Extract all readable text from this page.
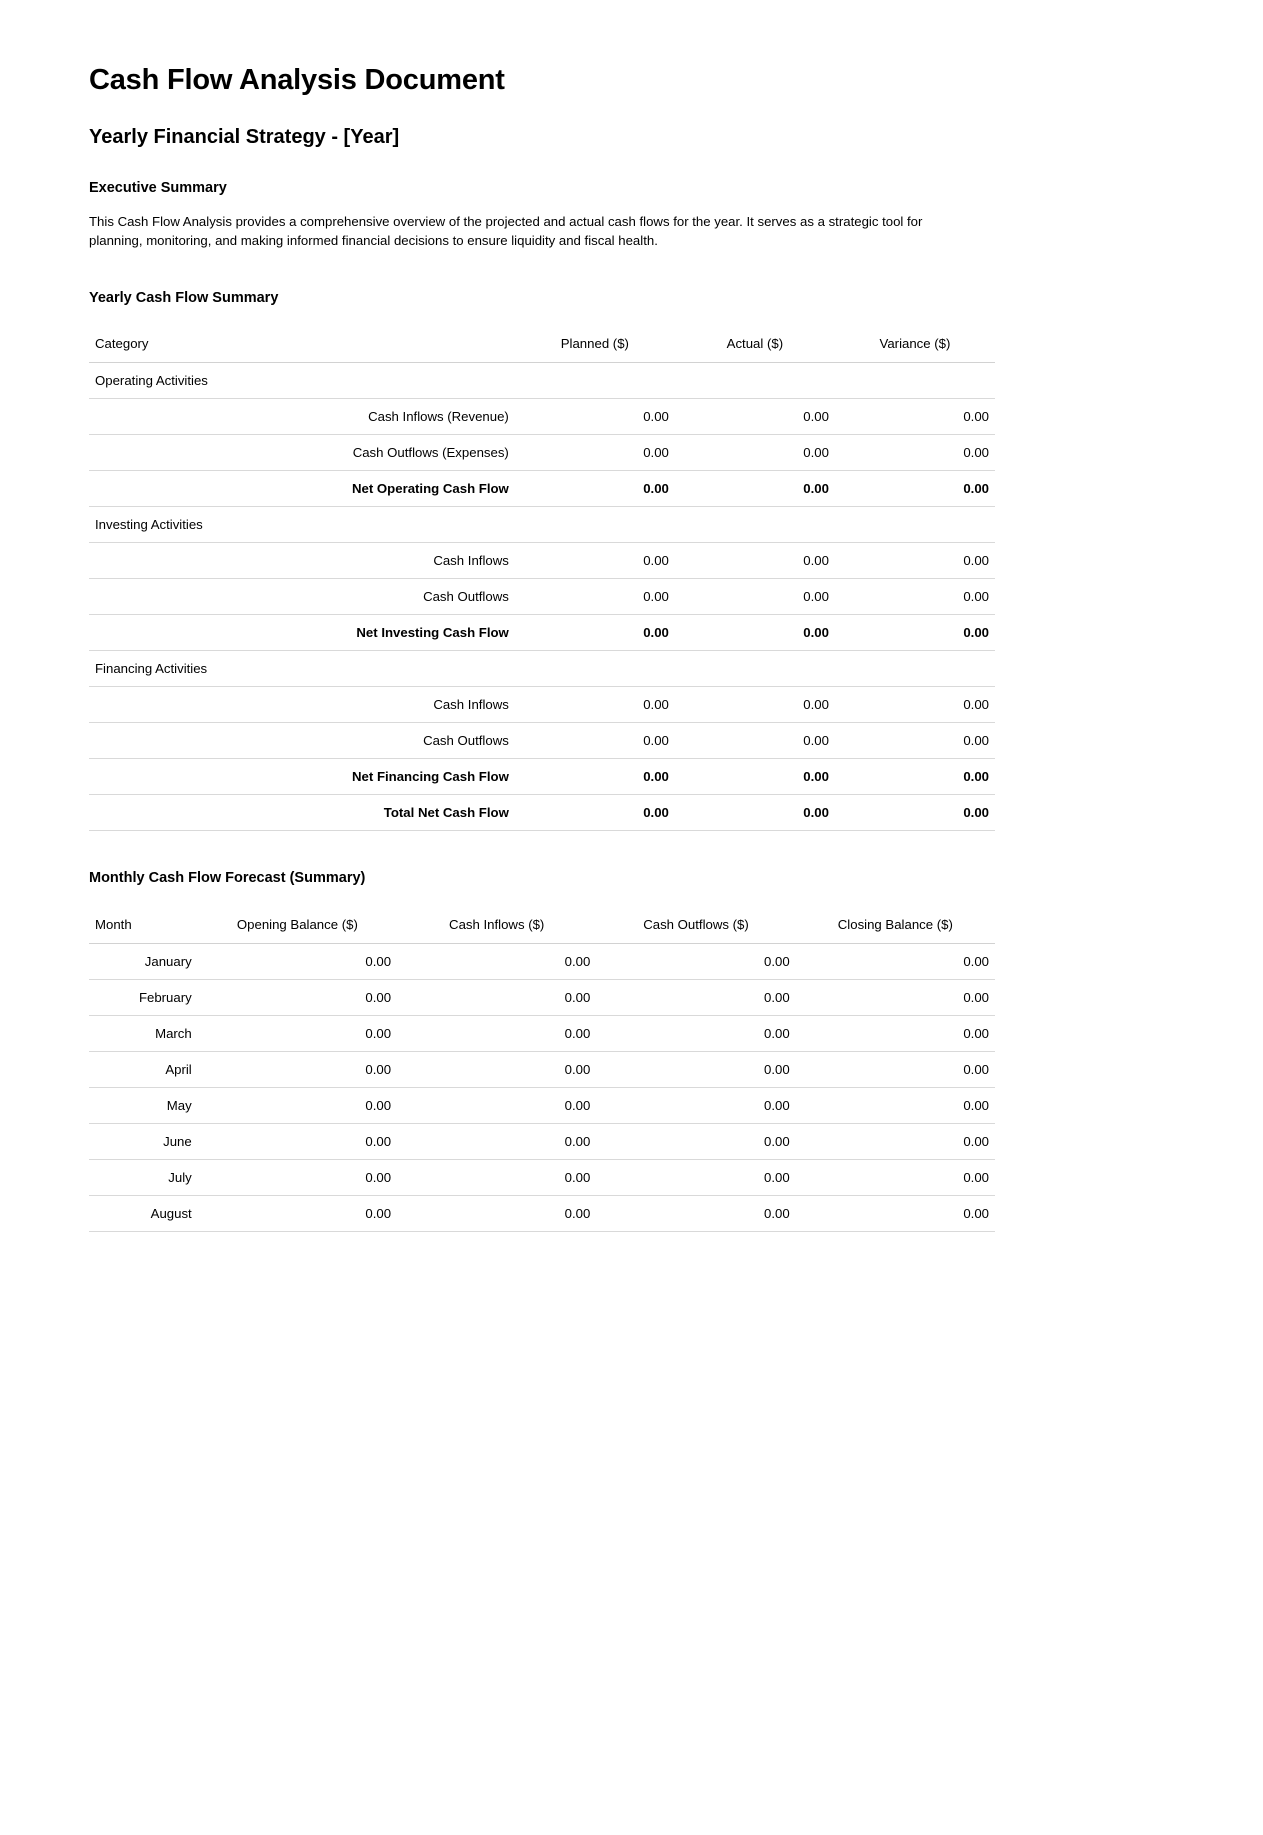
Cash Flow Analysis Document
Yearly Financial Strategy - [Year]
Executive Summary

This Cash Flow Analysis provides a comprehensive overview of the projected and actual cash flows for the year. It serves as a strategic tool for planning, monitoring, and making informed financial decisions to ensure liquidity and fiscal health.

Yearly Cash Flow Summary
Category	Planned ($)	Actual ($)	Variance ($)
Operating Activities			
Cash Inflows (Revenue)	0.00	0.00	0.00
Cash Outflows (Expenses)	0.00	0.00	0.00
Net Operating Cash Flow	0.00	0.00	0.00
Investing Activities			
Cash Inflows	0.00	0.00	0.00
Cash Outflows	0.00	0.00	0.00
Net Investing Cash Flow	0.00	0.00	0.00
Financing Activities			
Cash Inflows	0.00	0.00	0.00
Cash Outflows	0.00	0.00	0.00
Net Financing Cash Flow	0.00	0.00	0.00
Total Net Cash Flow	0.00	0.00	0.00
Monthly Cash Flow Forecast (Summary)
Month	Opening Balance ($)	Cash Inflows ($)	Cash Outflows ($)	Closing Balance ($)
January	0.00	0.00	0.00	0.00
February	0.00	0.00	0.00	0.00
March	0.00	0.00	0.00	0.00
April	0.00	0.00	0.00	0.00
May	0.00	0.00	0.00	0.00
June	0.00	0.00	0.00	0.00
July	0.00	0.00	0.00	0.00
August	0.00	0.00	0.00	0.00
